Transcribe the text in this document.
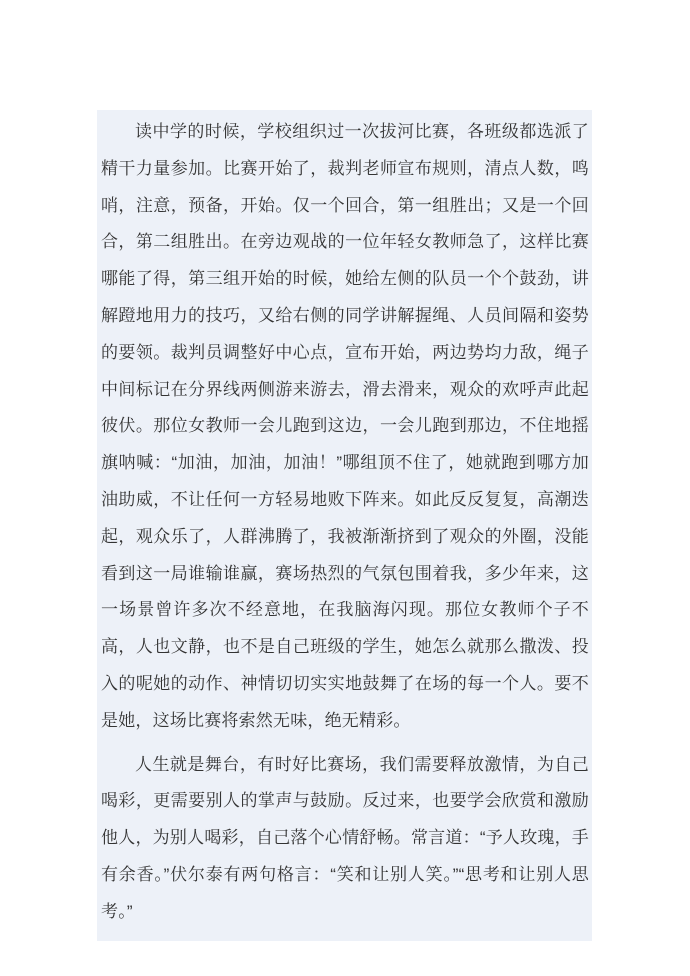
读中学的时候，学校组织过一次拔河比赛，各班级都选派了精干力量参加。比赛开始了，裁判老师宣布规则，清点人数，鸣哨，注意，预备，开始。仅一个回合，第一组胜出；又是一个回合，第二组胜出。在旁边观战的一位年轻女教师急了，这样比赛哪能了得，第三组开始的时候，她给左侧的队员一个个鼓劲，讲解蹬地用力的技巧，又给右侧的同学讲解握绳、人员间隔和姿势的要领。裁判员调整好中心点，宣布开始，两边势均力敌，绳子中间标记在分界线两侧游来游去，滑去滑来，观众的欢呼声此起彼伏。那位女教师一会儿跑到这边，一会儿跑到那边，不住地摇旗呐喊：“加油，加油，加油！”哪组顶不住了，她就跑到哪方加油助威，不让任何一方轻易地败下阵来。如此反反复复，高潮迭起，观众乐了，人群沸腾了，我被渐渐挤到了观众的外圈，没能看到这一局谁输谁赢，赛场热烈的气氛包围着我，多少年来，这一场景曾许多次不经意地，在我脑海闪现。那位女教师个子不高，人也文静，也不是自己班级的学生，她怎么就那么撒泼、投入的呢她的动作、神情切切实实地鼓舞了在场的每一个人。要不是她，这场比赛将索然无味，绝无精彩。

人生就是舞台，有时好比赛场，我们需要释放激情，为自己喝彩，更需要别人的掌声与鼓励。反过来，也要学会欣赏和激励他人，为别人喝彩，自己落个心情舒畅。常言道：“予人玫瑰，手有余香。”伏尔泰有两句格言：“笑和让别人笑。”“思考和让别人思考。”
